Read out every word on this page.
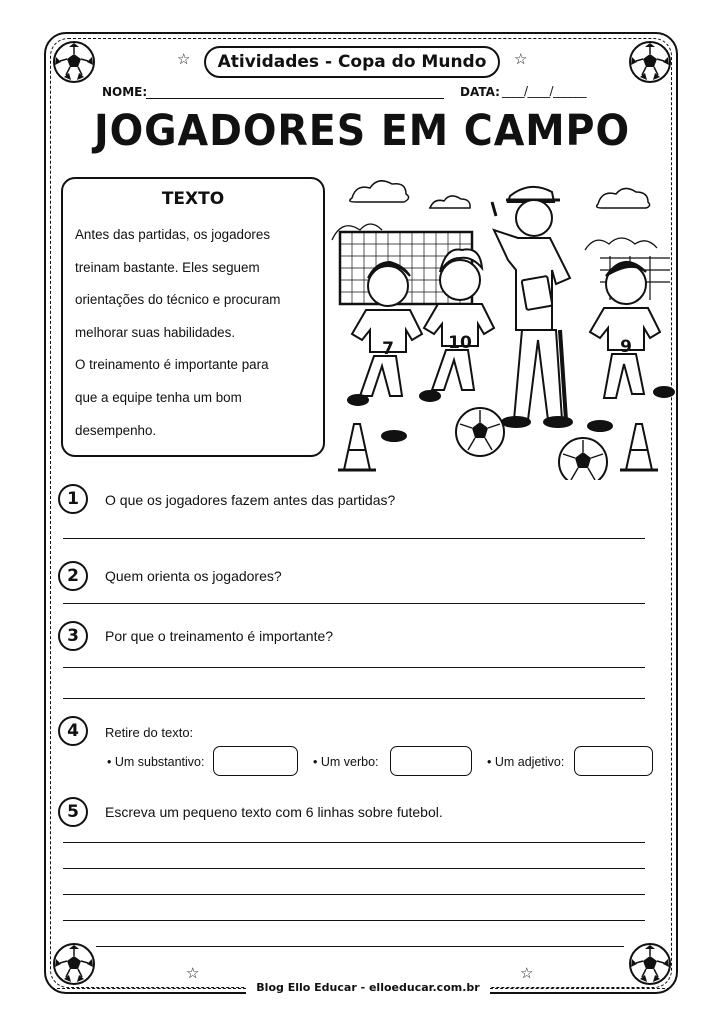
☆	☆
☆	☆
Atividades - Copa do Mundo
NOME:	DATA: ____/____/______
JOGADORES EM CAMPO
TEXTO
Antes das partidas, os jogadores
treinam bastante. Eles seguem
orientações do técnico e procuram
melhorar suas habilidades.
O treinamento é importante para
que a equipe tenha um bom
desempenho.
7	10	9
1	O que os jogadores fazem antes das partidas?
2	Quem orienta os jogadores?
3	Por que o treinamento é importante?
4	Retire do texto:
• Um substantivo:	• Um verbo:	• Um adjetivo:
5	Escreva um pequeno texto com 6 linhas sobre futebol.
Blog Ello Educar - elloeducar.com.br
